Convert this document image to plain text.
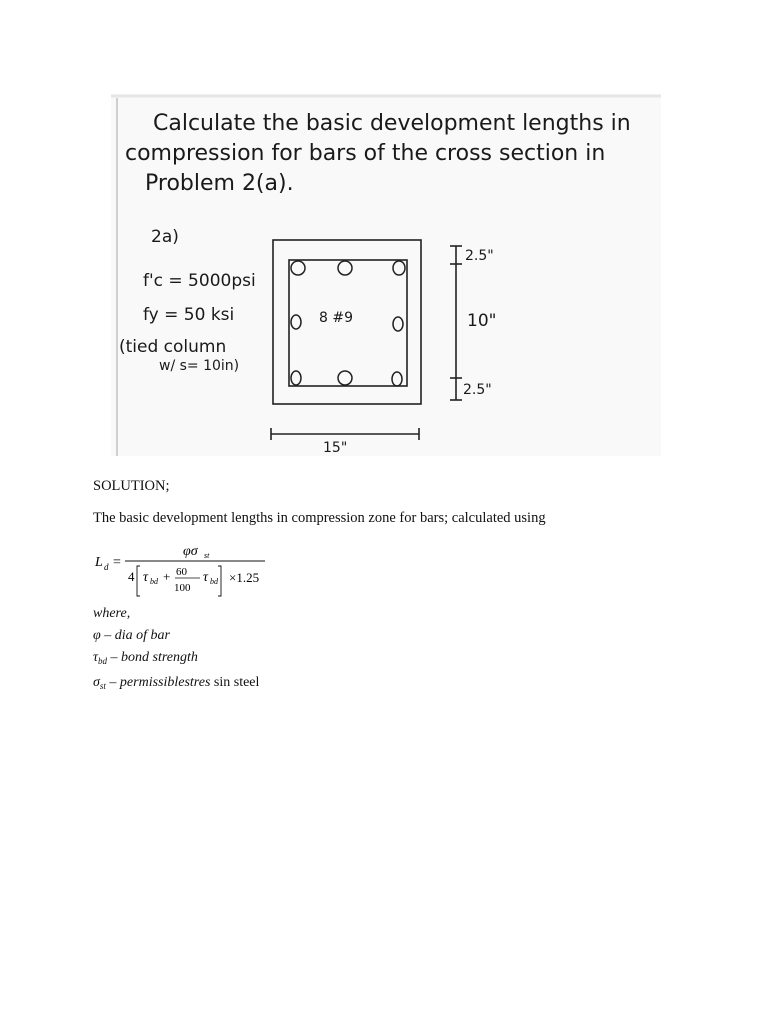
Calculate the basic development lengths in
compression for bars of the cross section in
Problem 2(a).
2a)
f'c = 5000psi
fy = 50 ksi
(tied column
w/ s= 10in)
8 #9
2.5"
10"
2.5"
15"
SOLUTION;
The basic development lengths in compression zone for bars; calculated using
L d =
φσ st
4 τ bd + 60
100
τ bd ×1.25
where,
φ – dia of bar
$\tau_{bd}$ – bond strength
$\sigma_{st}$ – permissiblestres sin steel
